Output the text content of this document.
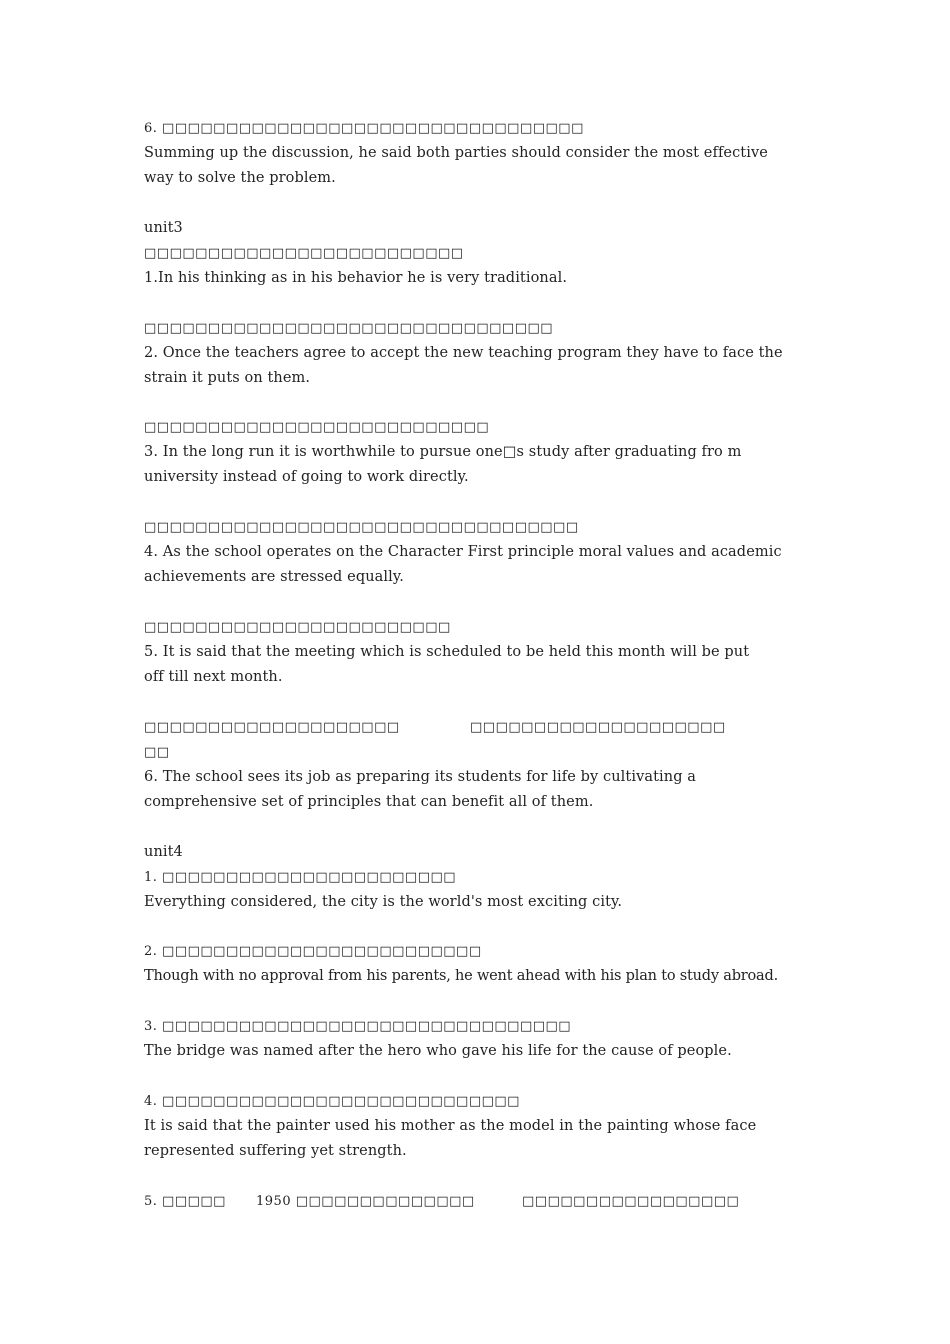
6. □□□□□□□□□□□□□□□□□□□□□□□□□□□□□□□□□
Summing up the discussion, he said both parties should consider the most effective
way to solve the problem.
unit3
□□□□□□□□□□□□□□□□□□□□□□□□□
1.In his thinking as in his behavior he is very traditional.
□□□□□□□□□□□□□□□□□□□□□□□□□□□□□□□□
2. Once the teachers agree to accept the new teaching program they have to face the
strain it puts on them.
□□□□□□□□□□□□□□□□□□□□□□□□□□□
3. In the long run it is worthwhile to pursue one□s study after graduating fro m
university instead of going to work directly.
□□□□□□□□□□□□□□□□□□□□□□□□□□□□□□□□□□
4. As the school operates on the Character First principle moral values and academic
achievements are stressed equally.
□□□□□□□□□□□□□□□□□□□□□□□□
5. It is said that the meeting which is scheduled to be held this month will be put
off till next month.
□□□□□□□□□□□□□□□□□□□□	□□□□□□□□□□□□□□□□□□□□
□□
6. The school sees its job as preparing its students for life by cultivating a
comprehensive set of principles that can benefit all of them.
unit4
1. □□□□□□□□□□□□□□□□□□□□□□□
Everything considered, the city is the world's most exciting city.
2. □□□□□□□□□□□□□□□□□□□□□□□□□
Though with no approval from his parents, he went ahead with his plan to study abroad.
3. □□□□□□□□□□□□□□□□□□□□□□□□□□□□□□□□
The bridge was named after the hero who gave his life for the cause of people.
4. □□□□□□□□□□□□□□□□□□□□□□□□□□□□
It is said that the painter used his mother as the model in the painting whose face
represented suffering yet strength.
5. □□□□□ 1950 □□□□□□□□□□□□□□	□□□□□□□□□□□□□□□□□
